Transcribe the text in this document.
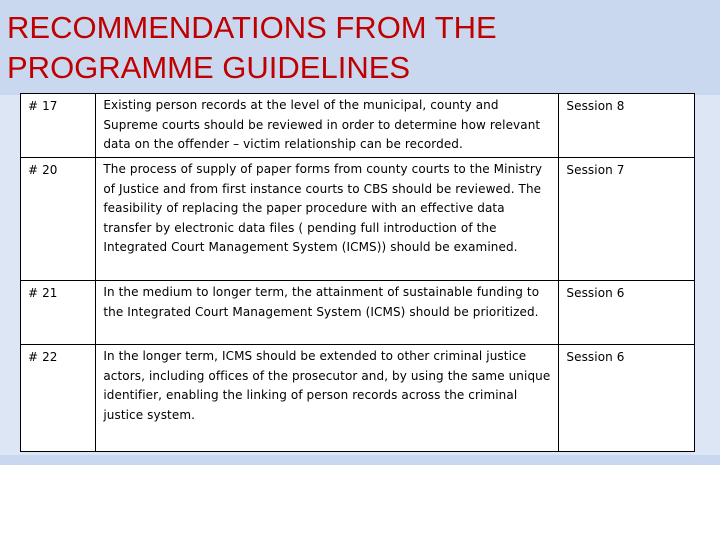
RECOMMENDATIONS FROM THE
PROGRAMME GUIDELINES
# 17	Existing person records at the level of the municipal, county and Supreme courts should be reviewed in order to determine how relevant data on the offender – victim relationship can be recorded.	Session 8
# 20	The process of supply of paper forms from county courts to the Ministry of Justice and from first instance courts to CBS should be reviewed. The feasibility of replacing the paper procedure with an effective data transfer by electronic data files ( pending full introduction of the Integrated Court Management System (ICMS)) should be examined.	Session 7
# 21	In the medium to longer term, the attainment of sustainable funding to the Integrated Court Management System (ICMS) should be prioritized.	Session 6
# 22	In the longer term, ICMS should be extended to other criminal justice actors, including offices of the prosecutor and, by using the same unique identifier, enabling the linking of person records across the criminal justice system.	Session 6
